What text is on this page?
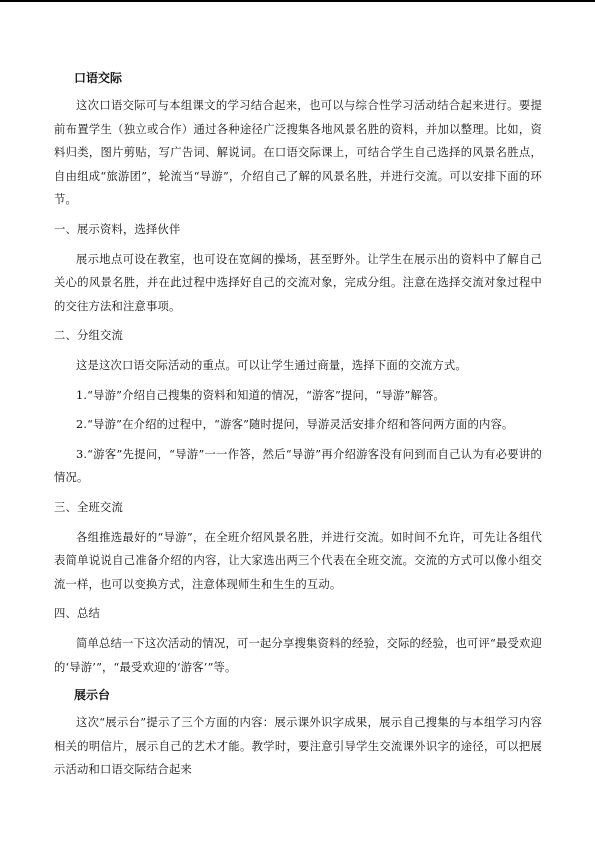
口语交际

这次口语交际可与本组课文的学习结合起来，也可以与综合性学习活动结合起来进行。要提前布置学生（独立或合作）通过各种途径广泛搜集各地风景名胜的资料，并加以整理。比如，资料归类，图片剪贴，写广告词、解说词。在口语交际课上，可结合学生自己选择的风景名胜点，自由组成“旅游团”，轮流当“导游”，介绍自己了解的风景名胜，并进行交流。可以安排下面的环节。

一、展示资料，选择伙伴

展示地点可设在教室，也可设在宽阔的操场，甚至野外。让学生在展示出的资料中了解自己关心的风景名胜，并在此过程中选择好自己的交流对象，完成分组。注意在选择交流对象过程中的交往方法和注意事项。

二、分组交流

这是这次口语交际活动的重点。可以让学生通过商量，选择下面的交流方式。

1.“导游”介绍自己搜集的资料和知道的情况，“游客”提问，“导游”解答。

2.“导游”在介绍的过程中，“游客”随时提问，导游灵活安排介绍和答问两方面的内容。

3.“游客”先提问，“导游”一一作答，然后“导游”再介绍游客没有问到而自己认为有必要讲的情况。

三、全班交流

各组推选最好的“导游”，在全班介绍风景名胜，并进行交流。如时间不允许，可先让各组代表简单说说自己准备介绍的内容，让大家选出两三个代表在全班交流。交流的方式可以像小组交流一样，也可以变换方式，注意体现师生和生生的互动。

四、总结

简单总结一下这次活动的情况，可一起分享搜集资料的经验，交际的经验，也可评“最受欢迎的‘导游’”，“最受欢迎的‘游客’”等。

展示台

这次“展示台”提示了三个方面的内容：展示课外识字成果，展示自己搜集的与本组学习内容相关的明信片，展示自己的艺术才能。教学时，要注意引导学生交流课外识字的途径，可以把展示活动和口语交际结合起来
